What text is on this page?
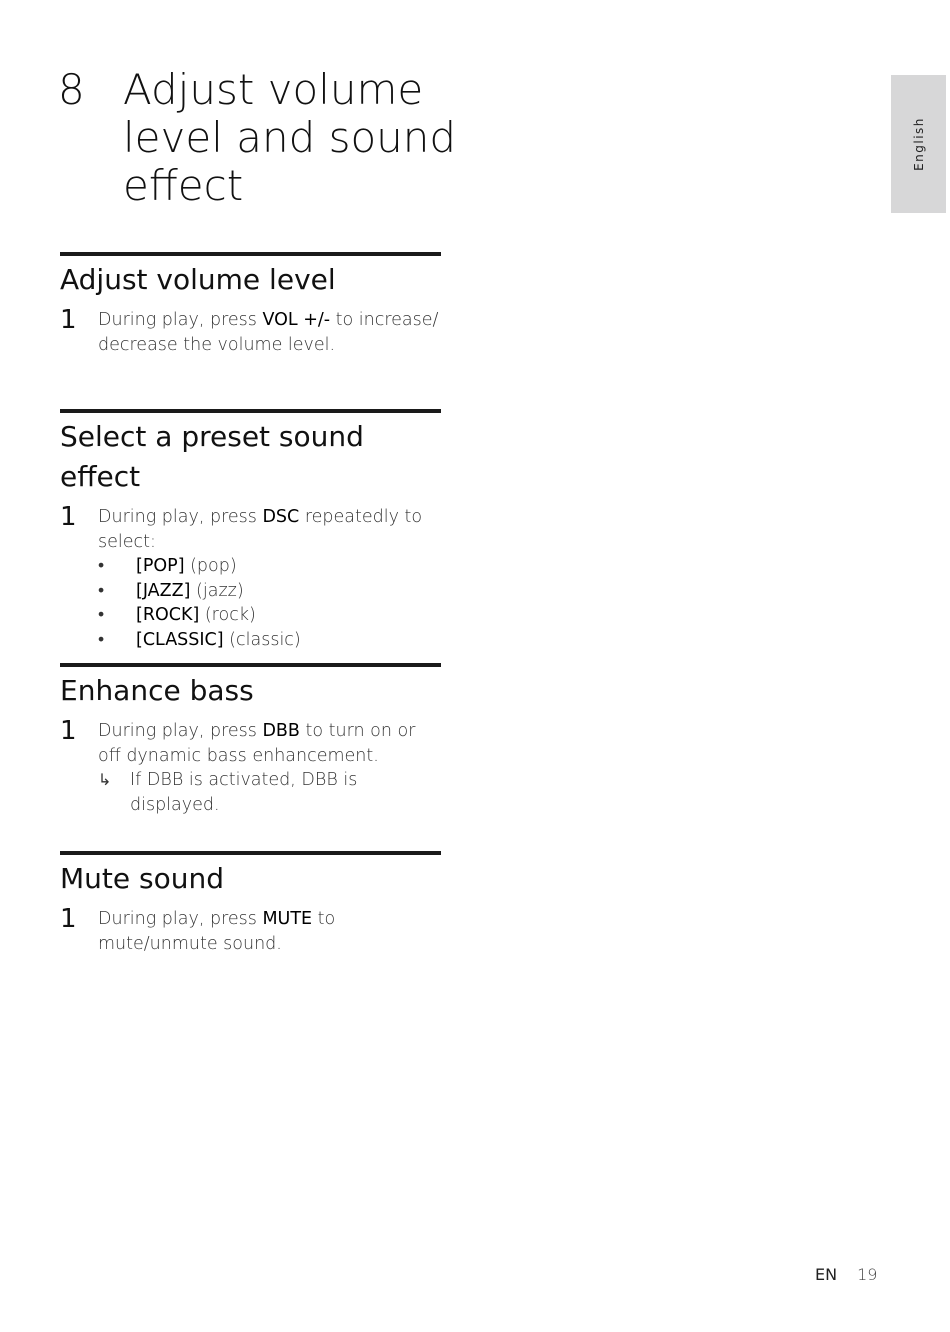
8 Adjust volume level and sound effect
English
Adjust volume level
1 During play, press VOL +/- to increase/ decrease the volume level.
Select a preset sound effect
1 During play, press DSC repeatedly to select:
• [POP] (pop)
• [JAZZ] (jazz)
• [ROCK] (rock)
• [CLASSIC] (classic)
Enhance bass
1 During play, press DBB to turn on or off dynamic bass enhancement.
↳ If DBB is activated, DBB is displayed.
Mute sound
1 During play, press MUTE to mute/unmute sound.
EN 19
